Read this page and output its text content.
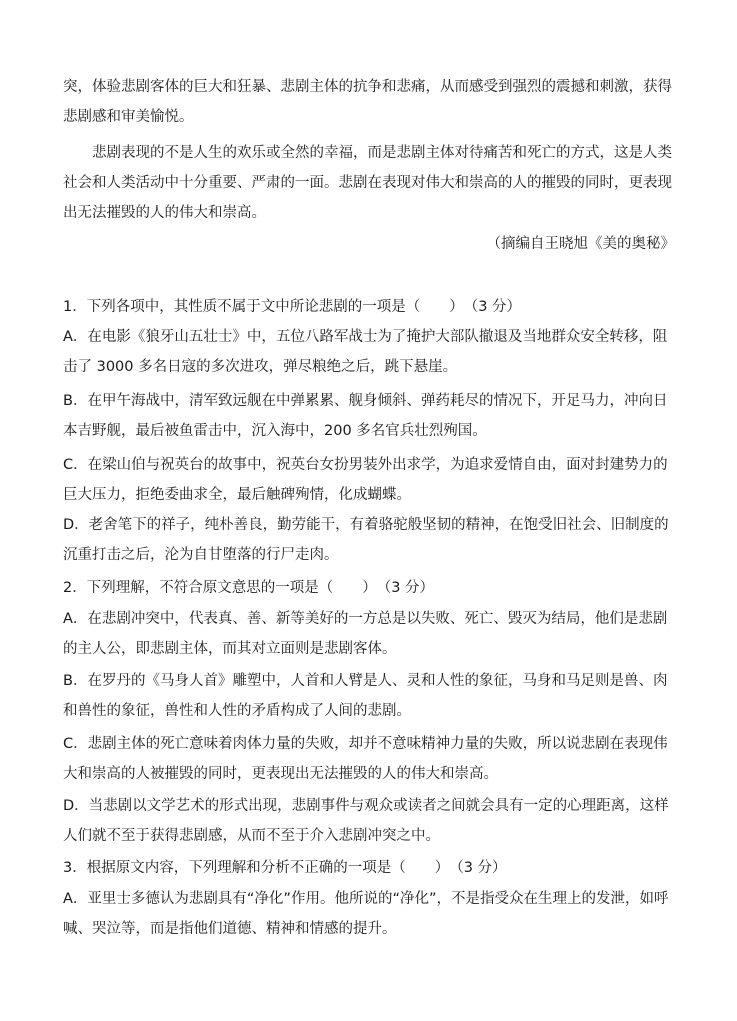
突，体验悲剧客体的巨大和狂暴、悲剧主体的抗争和悲痛，从而感受到强烈的震撼和刺激，获得悲剧感和审美愉悦。

悲剧表现的不是人生的欢乐或全然的幸福，而是悲剧主体对待痛苦和死亡的方式，这是人类社会和人类活动中十分重要、严肃的一面。悲剧在表现对伟大和崇高的人的摧毁的同时，更表现出无法摧毁的人的伟大和崇高。

（摘编自王晓旭《美的奥秘》

1．下列各项中，其性质不属于文中所论悲剧的一项是（　　）　（3 分）

A．在电影《狼牙山五壮士》中，五位八路军战士为了掩护大部队撤退及当地群众安全转移，阻击了 3000 多名日寇的多次进攻，弹尽粮绝之后，跳下悬崖。

B．在甲午海战中，清军致远舰在中弹累累、舰身倾斜、弹药耗尽的情况下，开足马力，冲向日本吉野舰，最后被鱼雷击中，沉入海中，200 多名官兵壮烈殉国。

C．在梁山伯与祝英台的故事中，祝英台女扮男装外出求学，为追求爱情自由，面对封建势力的巨大压力，拒绝委曲求全，最后触碑殉情，化成蝴蝶。

D．老舍笔下的祥子，纯朴善良，勤劳能干，有着骆驼般坚韧的精神，在饱受旧社会、旧制度的沉重打击之后，沦为自甘堕落的行尸走肉。

2．下列理解，不符合原文意思的一项是（　　）　（3 分）

A．在悲剧冲突中，代表真、善、新等美好的一方总是以失败、死亡、毁灭为结局，他们是悲剧的主人公，即悲剧主体，而其对立面则是悲剧客体。

B．在罗丹的《马身人首》雕塑中，人首和人臂是人、灵和人性的象征，马身和马足则是兽、肉和兽性的象征，兽性和人性的矛盾构成了人间的悲剧。

C．悲剧主体的死亡意味着肉体力量的失败，却并不意味精神力量的失败，所以说悲剧在表现伟大和崇高的人被摧毁的同时，更表现出无法摧毁的人的伟大和崇高。

D．当悲剧以文学艺术的形式出现，悲剧事件与观众或读者之间就会具有一定的心理距离，这样人们就不至于获得悲剧感，从而不至于介入悲剧冲突之中。

3．根据原文内容，下列理解和分析不正确的一项是（　　）　（3 分）

A．亚里士多德认为悲剧具有“净化”作用。他所说的“净化”，不是指受众在生理上的发泄，如呼喊、哭泣等，而是指他们道德、精神和情感的提升。
